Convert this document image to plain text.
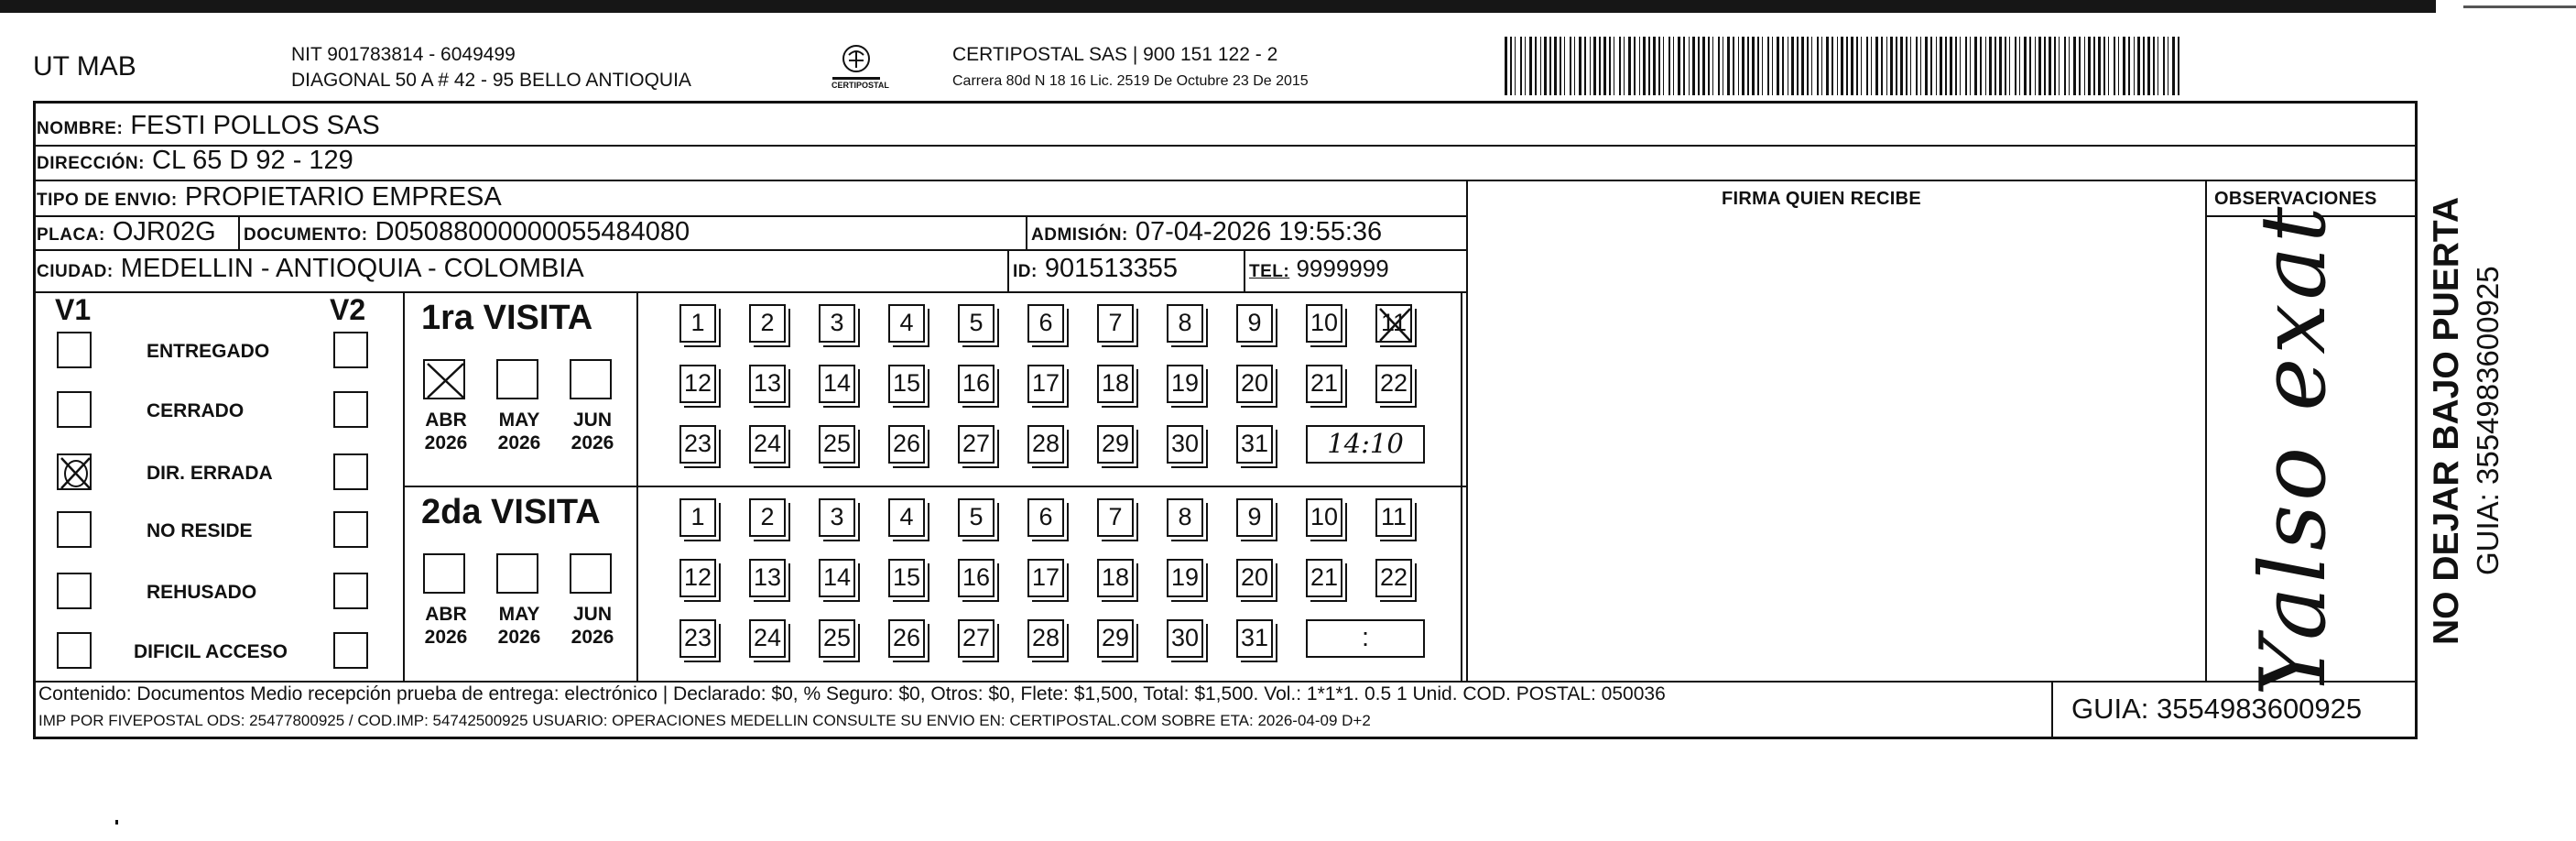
UT MAB	NIT 901783814 - 6049499
DIAGONAL 50 A # 42 - 95 BELLO ANTIOQUIA	CERTIPOSTAL
CERTIPOSTAL SAS | 900 151 122 - 2
Carrera 80d N 18 16 Lic. 2519 De Octubre 23 De 2015
NOMBRE: FESTI POLLOS SAS
DIRECCIÓN: CL 65 D 92 - 129
TIPO DE ENVIO: PROPIETARIO EMPRESA
PLACA: OJR02G DOCUMENTO: D05088000000055484080	ADMISIÓN: 07-04-2026 19:55:36
CIUDAD: MEDELLIN - ANTIOQUIA - COLOMBIA	ID: 901513355	TEL: 9999999
FIRMA QUIEN RECIBE	OBSERVACIONES
V1	V2
ENTREGADO
CERRADO
DIR. ERRADA
NO RESIDE
REHUSADO
DIFICIL ACCESO
1ra VISITA
ABR
2026
MAY
2026
JUN
2026
1	2	3	4	5	6	7	8	9	10 11
12 13 14 15 16 17 18 19 20 21 22
23 24 25 26 27 28 29 30 31	14:10
2da VISITA
ABR
2026
MAY
2026
JUN
2026
1	2	3	4	5	6	7	8	9	10 11
12 13 14 15 16 17 18 19 20 21 22
23 24 25 26 27 28 29 30 31	:	Yalso exat
Contenido: Documentos Medio recepción prueba de entrega: electrónico | Declarado: $0, % Seguro: $0, Otros: $0, Flete: $1,500, Total: $1,500. Vol.: 1*1*1. 0.5 1 Unid. COD. POSTAL: 050036
IMP POR FIVEPOSTAL ODS: 25477800925 / COD.IMP: 54742500925 USUARIO: OPERACIONES MEDELLIN CONSULTE SU ENVIO EN: CERTIPOSTAL.COM SOBRE ETA: 2026-04-09 D+2	GUIA: 3554983600925
NO DEJAR BAJO PUERTA GUIA: 3554983600925
